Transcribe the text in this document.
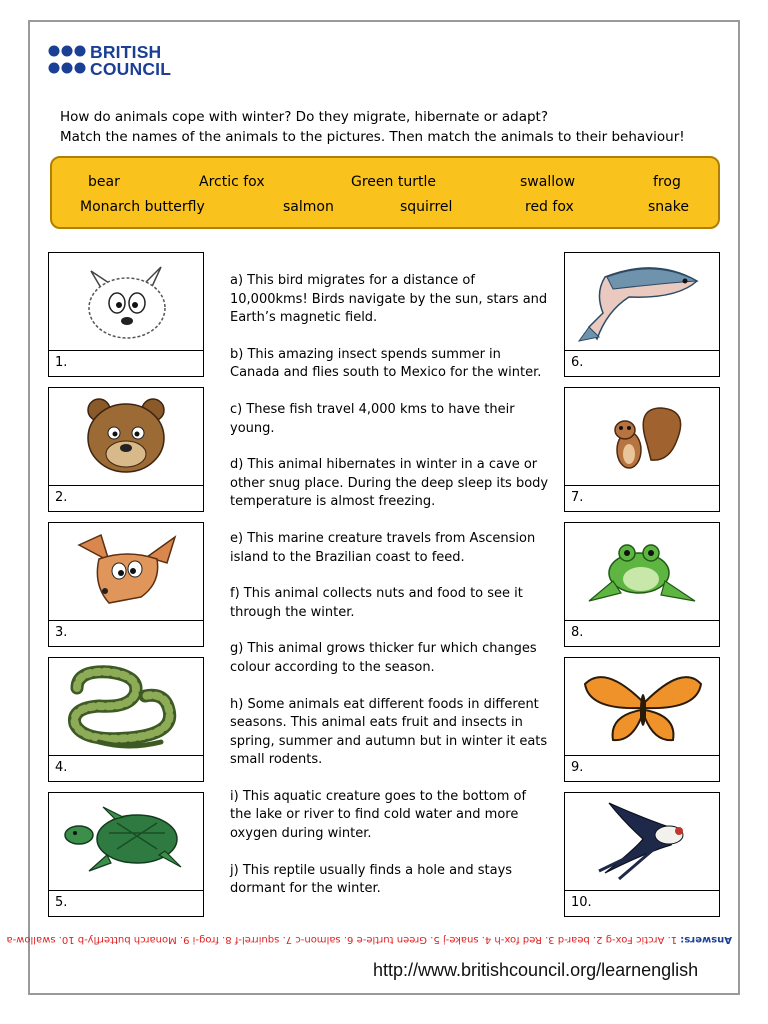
BRITISH
COUNCIL
How do animals cope with winter? Do they migrate, hibernate or adapt?
Match the names of the animals to the pictures. Then match the animals to their behaviour!
bear	Arctic fox	Green turtle	swallow	frog
Monarch butterfly	salmon	squirrel	red fox	snake
1.
2.
3.
4.
5.
6.
7.
8.
9.
10.

a) This bird migrates for a distance of 10,000kms! Birds navigate by the sun, stars and Earth’s magnetic field.

b) This amazing insect spends summer in Canada and flies south to Mexico for the winter.

c) These fish travel 4,000 kms to have their young.

d) This animal hibernates in winter in a cave or other snug place. During the deep sleep its body temperature is almost freezing.

e) This marine creature travels from Ascension island to the Brazilian coast to feed.

f) This animal collects nuts and food to see it through the winter.

g) This animal grows thicker fur which changes colour according to the season.

h) Some animals eat different foods in different seasons. This animal eats fruit and insects in spring, summer and autumn but in winter it eats small rodents.

i) This aquatic creature goes to the bottom of the lake or river to find cold water and more oxygen during winter.

j) This reptile usually finds a hole and stays dormant for the winter.

Answers: 1. Arctic Fox-g 2. bear-d 3. Red fox-h 4. snake-j 5. Green turtle-e 6. salmon-c 7. squirrel-f 8. frog-i 9. Monarch butterfly-b 10. swallow-a
http://www.britishcouncil.org/learnenglish
